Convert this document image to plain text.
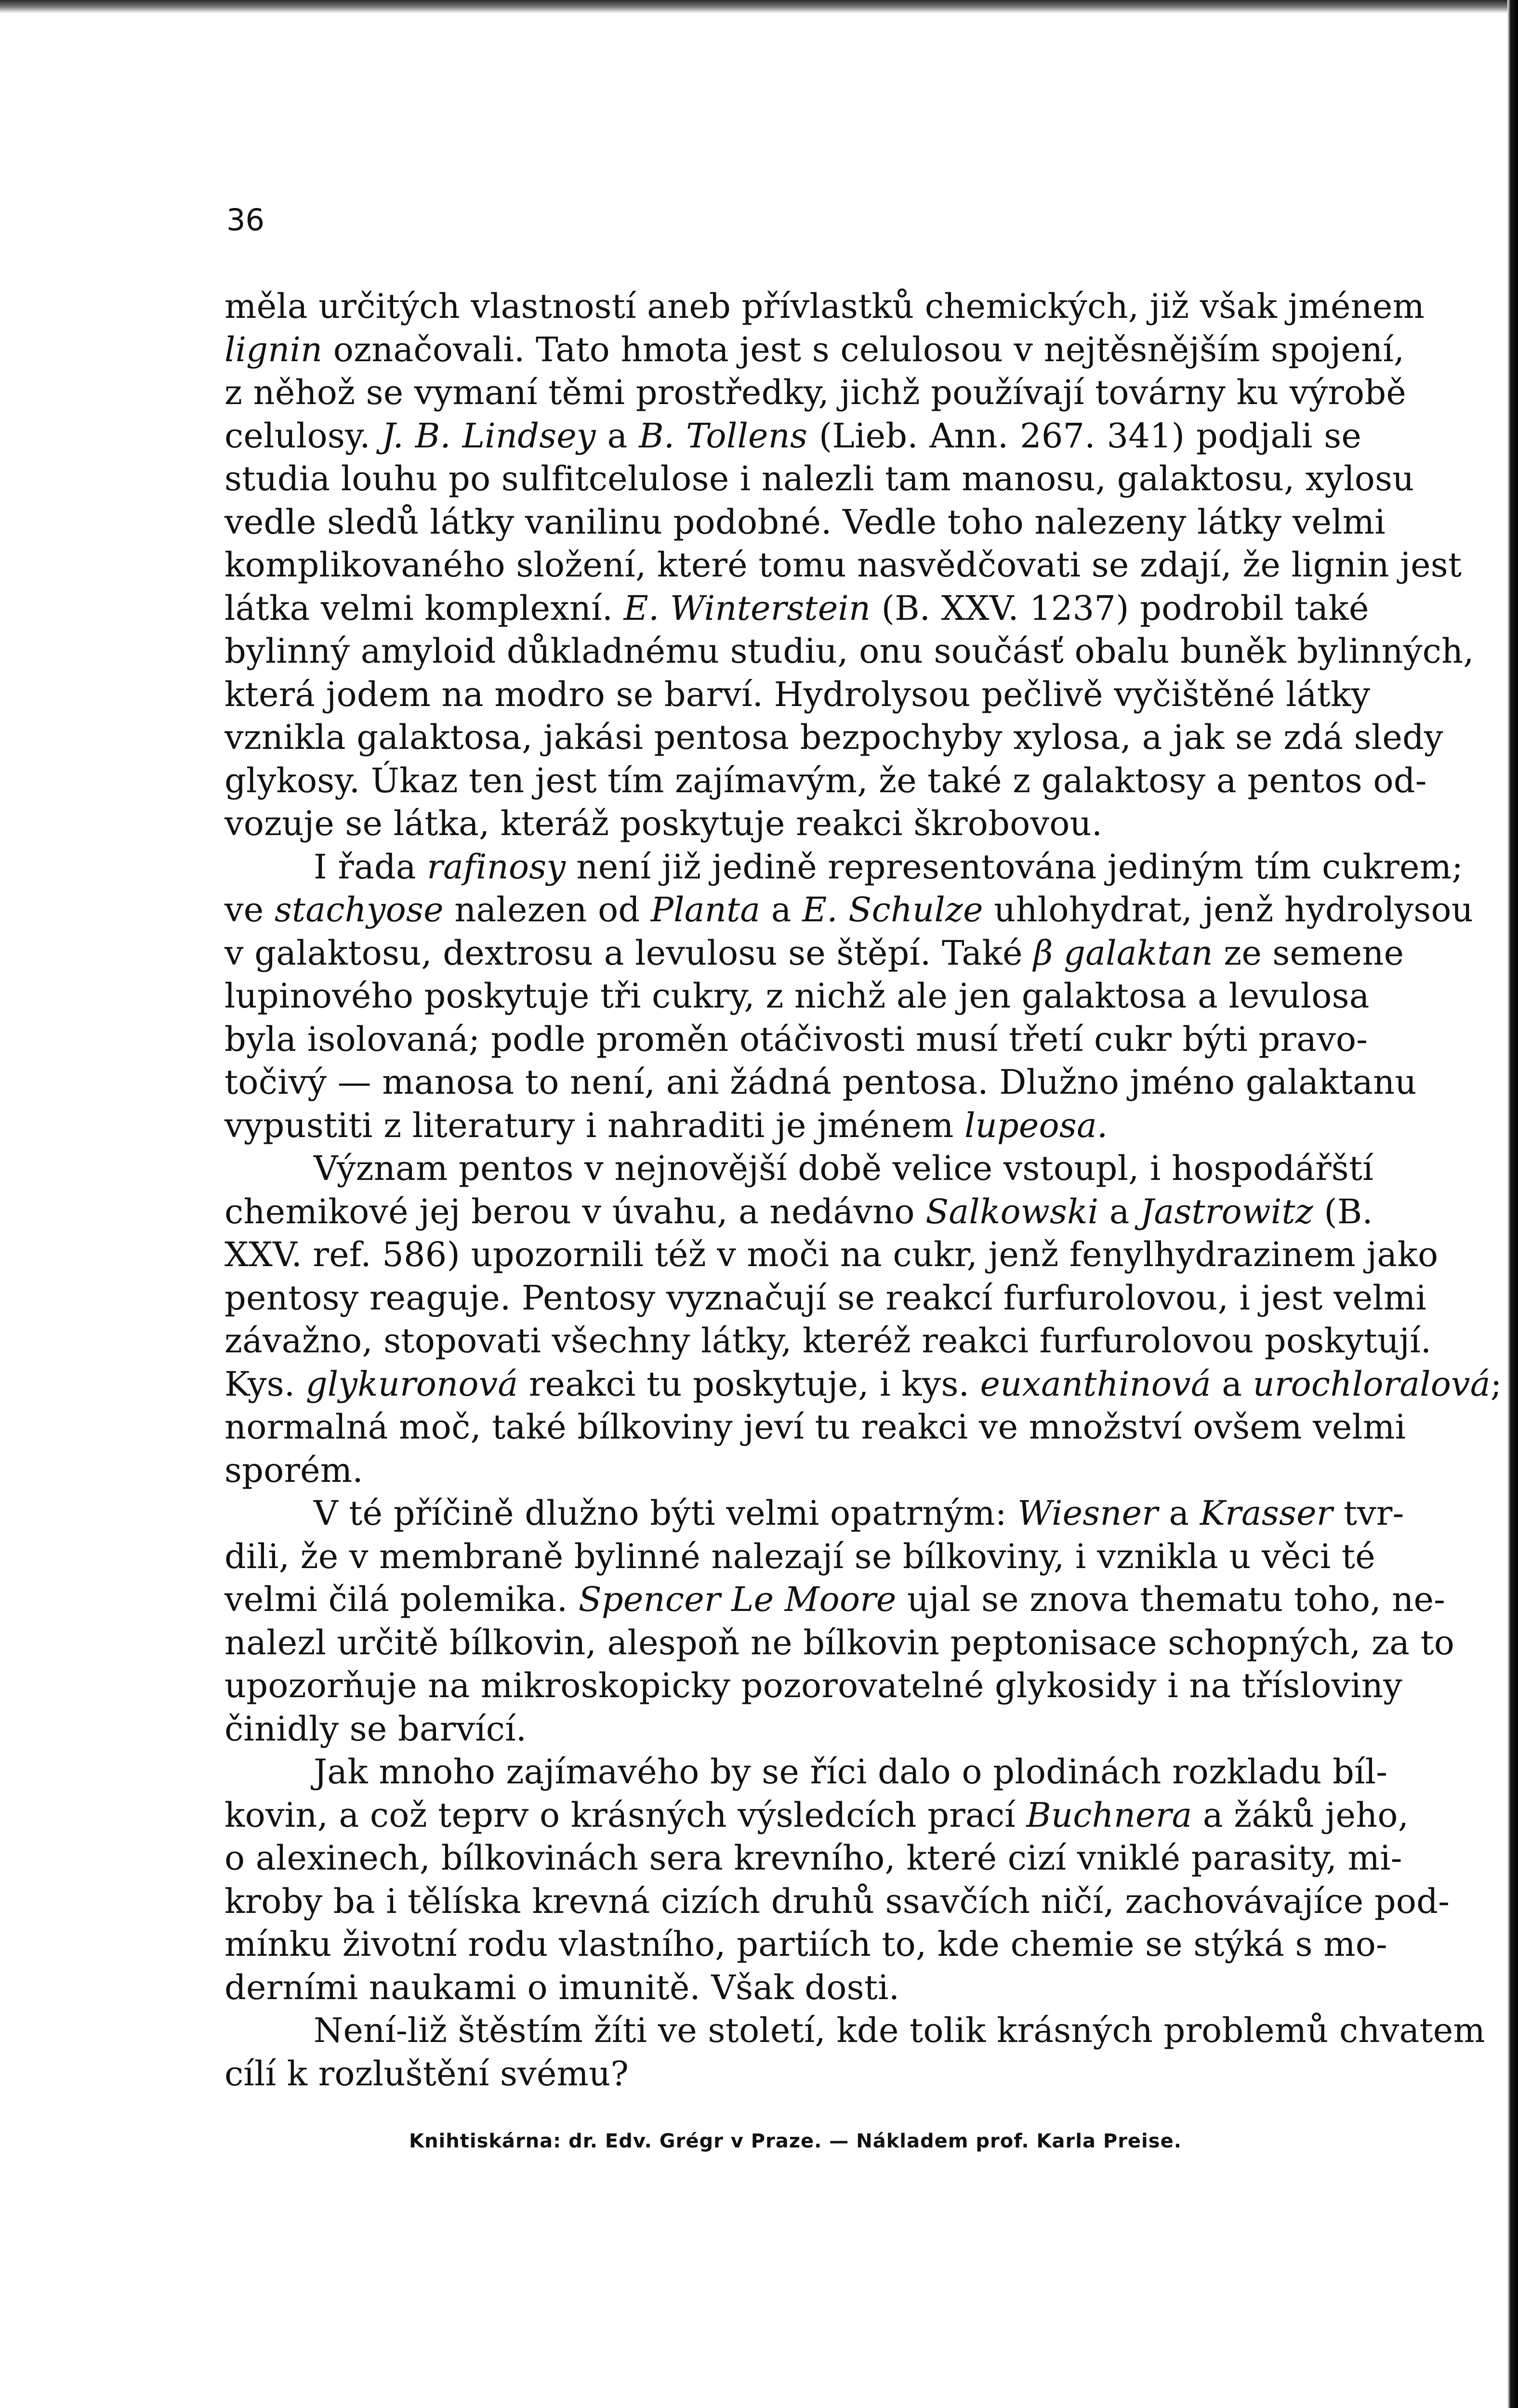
36
měla určitých vlastností aneb přívlastků chemických, již však jménem
lignin označovali. Tato hmota jest s celulosou v nejtěsnějším spojení,
z něhož se vymaní těmi prostředky, jichž používají továrny ku výrobě
celulosy. J. B. Lindsey a B. Tollens (Lieb. Ann. 267. 341) podjali se
studia louhu po sulfitcelulose i nalezli tam manosu, galaktosu, xylosu
vedle sledů látky vanilinu podobné. Vedle toho nalezeny látky velmi
komplikovaného složení, které tomu nasvědčovati se zdají, že lignin jest
látka velmi komplexní. E. Winterstein (B. XXV. 1237) podrobil také
bylinný amyloid důkladnému studiu, onu součásť obalu buněk bylinných,
která jodem na modro se barví. Hydrolysou pečlivě vyčištěné látky
vznikla galaktosa, jakási pentosa bezpochyby xylosa, a jak se zdá sledy
glykosy. Úkaz ten jest tím zajímavým, že také z galaktosy a pentos od-
vozuje se látka, kteráž poskytuje reakci škrobovou.
I řada rafinosy není již jedině representována jediným tím cukrem;
ve stachyose nalezen od Planta a E. Schulze uhlohydrat, jenž hydrolysou
v galaktosu, dextrosu a levulosu se štěpí. Také β galaktan ze semene
lupinového poskytuje tři cukry, z nichž ale jen galaktosa a levulosa
byla isolovaná; podle proměn otáčivosti musí třetí cukr býti pravo-
točivý — manosa to není, ani žádná pentosa. Dlužno jméno galaktanu
vypustiti z literatury i nahraditi je jménem lupeosa.
Význam pentos v nejnovější době velice vstoupl, i hospodářští
chemikové jej berou v úvahu, a nedávno Salkowski a Jastrowitz (B.
XXV. ref. 586) upozornili též v moči na cukr, jenž fenylhydrazinem jako
pentosy reaguje. Pentosy vyznačují se reakcí furfurolovou, i jest velmi
závažno, stopovati všechny látky, kteréž reakci furfurolovou poskytují.
Kys. glykuronová reakci tu poskytuje, i kys. euxanthinová a urochloralová;
normalná moč, také bílkoviny jeví tu reakci ve množství ovšem velmi
sporém.
V té příčině dlužno býti velmi opatrným: Wiesner a Krasser tvr-
dili, že v membraně bylinné nalezají se bílkoviny, i vznikla u věci té
velmi čilá polemika. Spencer Le Moore ujal se znova thematu toho, ne-
nalezl určitě bílkovin, alespoň ne bílkovin peptonisace schopných, za to
upozorňuje na mikroskopicky pozorovatelné glykosidy i na třísloviny
činidly se barvící.
Jak mnoho zajímavého by se říci dalo o plodinách rozkladu bíl-
kovin, a což teprv o krásných výsledcích prací Buchnera a žáků jeho,
o alexinech, bílkovinách sera krevního, které cizí vniklé parasity, mi-
kroby ba i tělíska krevná cizích druhů ssavčích ničí, zachovávajíce pod-
mínku životní rodu vlastního, partiích to, kde chemie se stýká s mo-
derními naukami o imunitě. Však dosti.
Není-liž štěstím žíti ve století, kde tolik krásných problemů chvatem
cílí k rozluštění svému?
Knihtiskárna: dr. Edv. Grégr v Praze. — Nákladem prof. Karla Preise.
